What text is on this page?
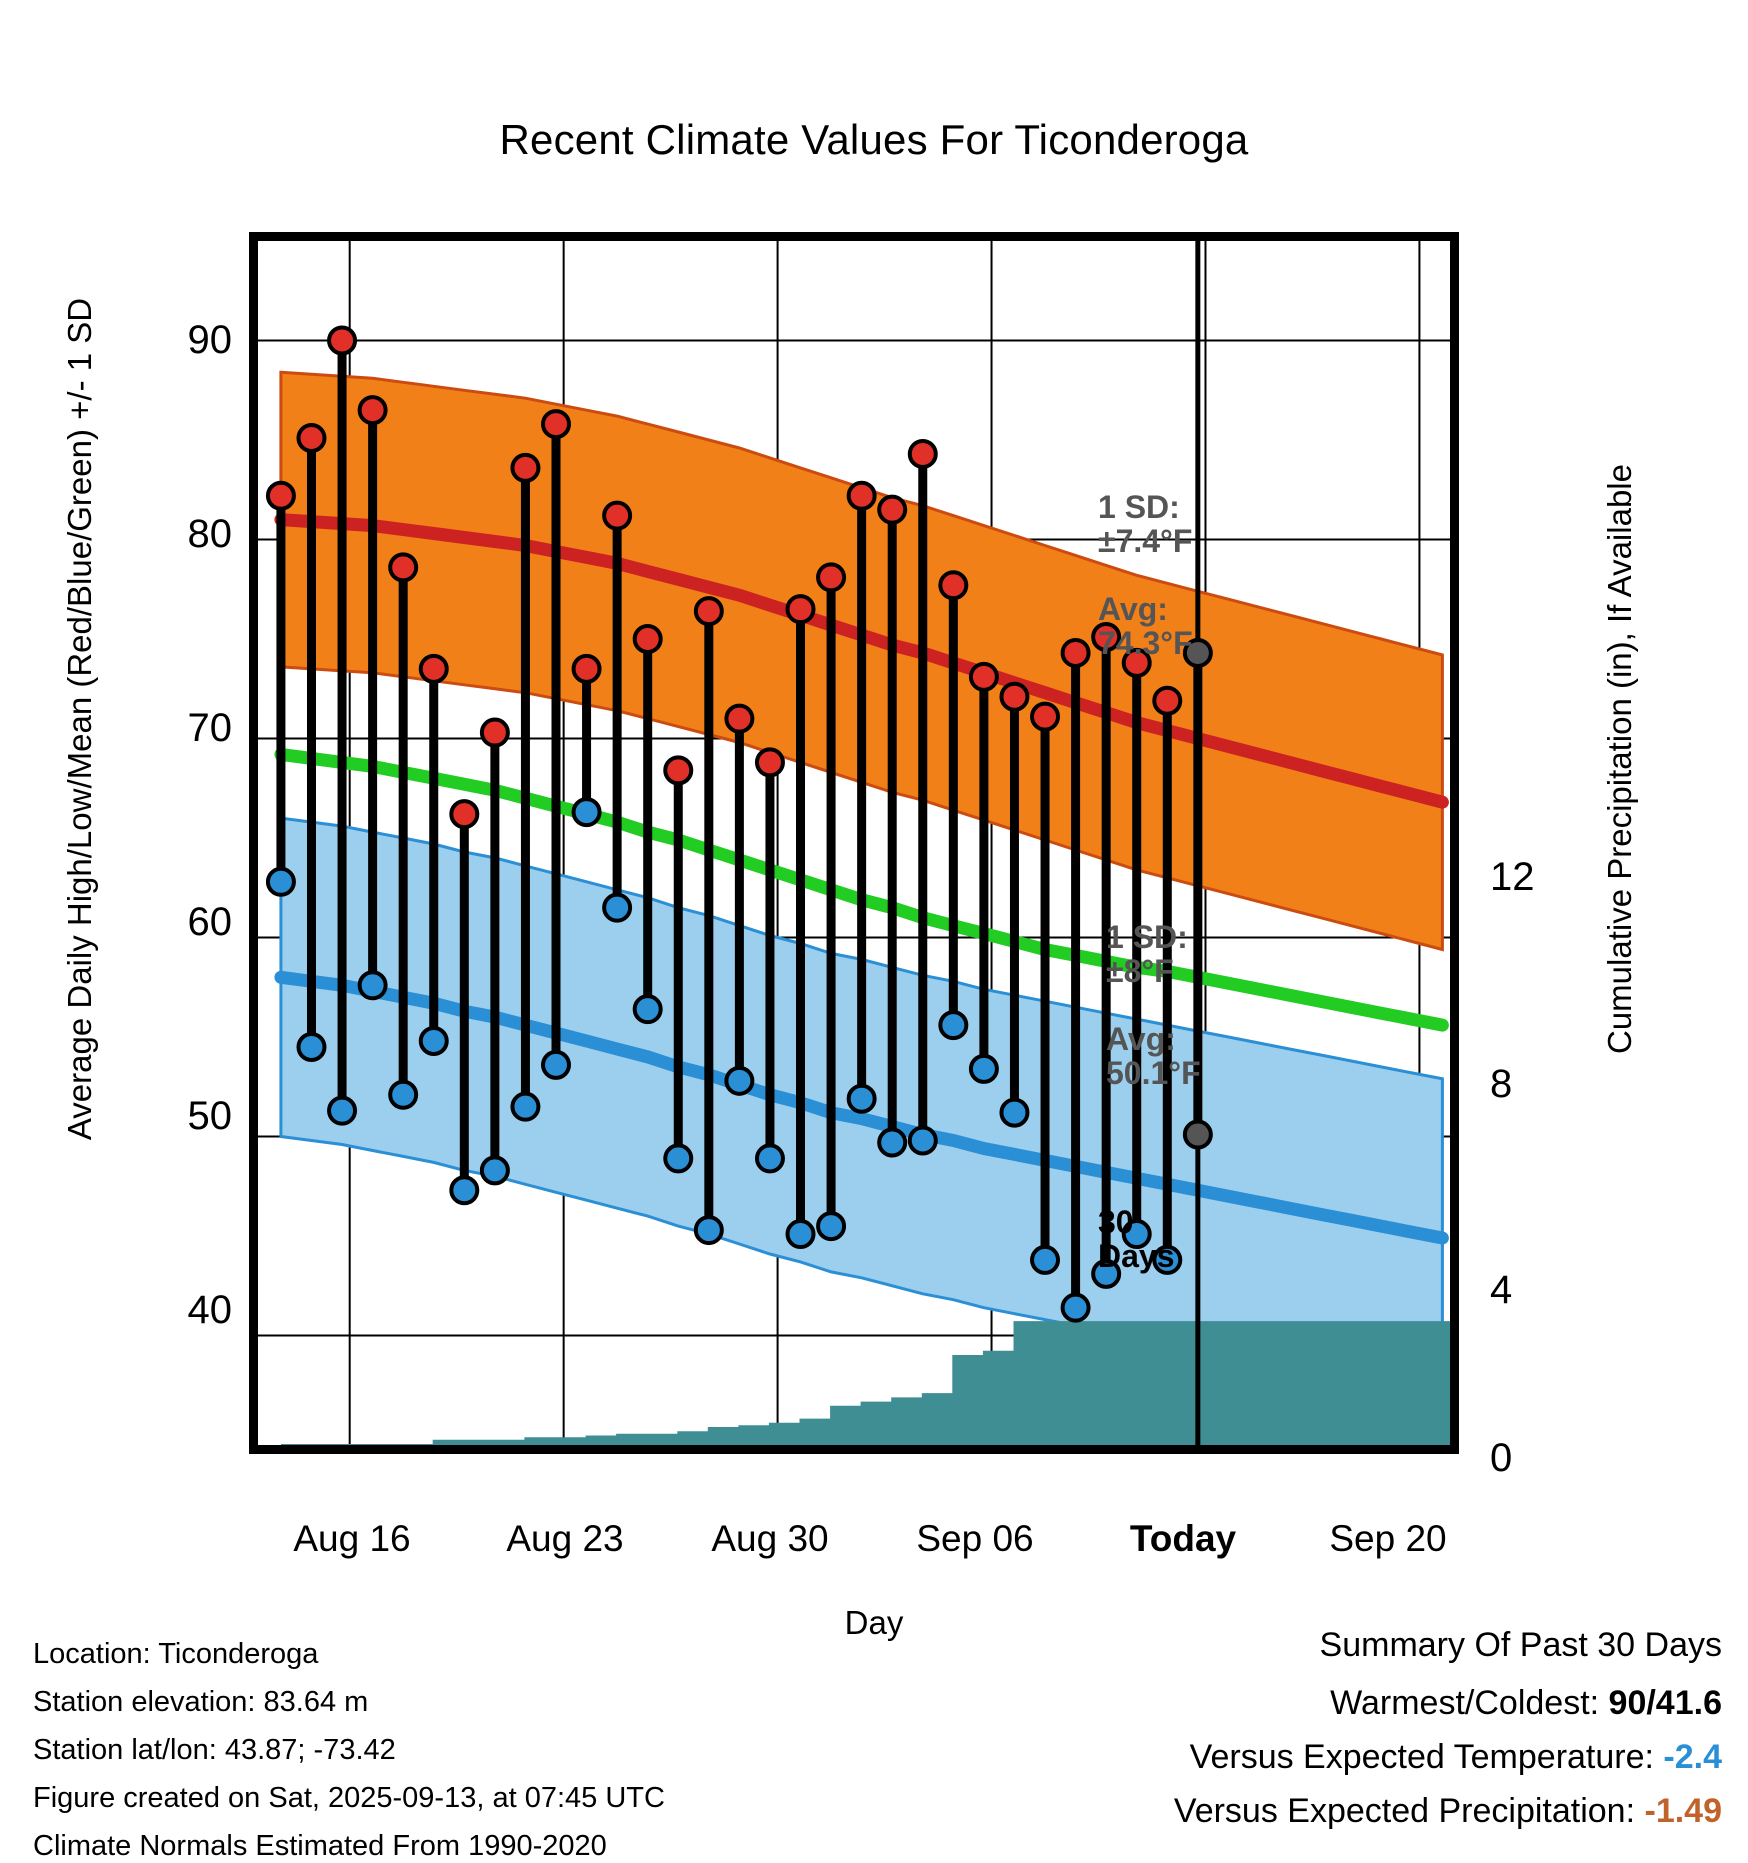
Recent Climate Values For Ticonderoga
Average Daily High/Low/Mean (Red/Blue/Green) +/- 1 SD	Cumulative Precipitation (in), If Available
Day
90
80
70
60
50
40
12
8
4
0
Aug 16	Aug 23	Aug 30	Sep 06	Today	Sep 20
1 SD:
±7.4°F
Avg:
74.3°F
1 SD:
±8°F
Avg:
50.1°F
30
Days
Location: Ticonderoga
Station elevation: 83.64 m
Station lat/lon: 43.87; -73.42
Figure created on Sat, 2025-09-13, at 07:45 UTC
Climate Normals Estimated From 1990-2020
Summary Of Past 30 Days
Warmest/Coldest: 90/41.6
Versus Expected Temperature: -2.4
Versus Expected Precipitation: -1.49
